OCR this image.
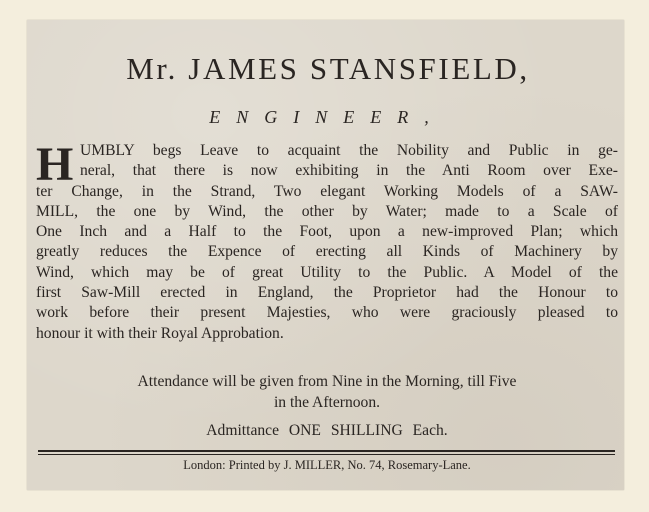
Mr. JAMES STANSFIELD,
ENGINEER,
H UMBLY begs Leave to acquaint the Nobility and Public in ge-
neral, that there is now exhibiting in the Anti Room over Exe-
ter Change, in the Strand, Two elegant Working Models of a SAW-
MILL, the one by Wind, the other by Water; made to a Scale of
One Inch and a Half to the Foot, upon a new-improved Plan; which
greatly reduces the Expence of erecting all Kinds of Machinery by
Wind, which may be of great Utility to the Public. A Model of the
first Saw-Mill erected in England, the Proprietor had the Honour to
work before their present Majesties, who were graciously pleased to
honour it with their Royal Approbation.
Attendance will be given from Nine in the Morning, till Five
in the Afternoon.
Admittance ONE SHILLING Each.
London: Printed by J. MILLER, No. 74, Rosemary-Lane.
